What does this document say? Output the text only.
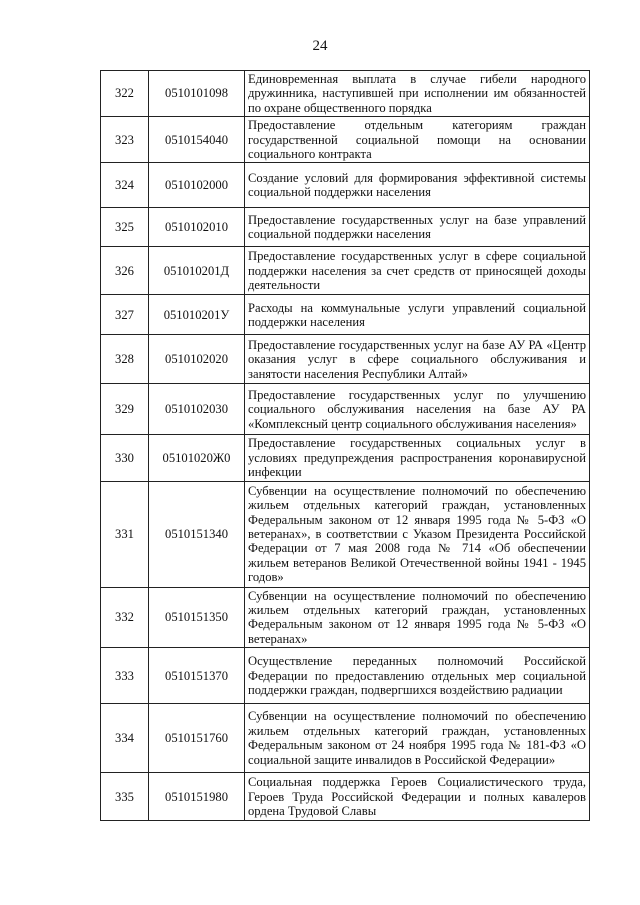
24
322	0510101098	Единовременная выплата в случае гибели народного дружинника, наступившей при исполнении им обязанностей по охране общественного порядка
323	0510154040	Предоставление отдельным категориям граждан государственной социальной помощи на основании социального контракта
324	0510102000	Создание условий для формирования эффективной системы социальной поддержки населения
325	0510102010	Предоставление государственных услуг на базе управлений социальной поддержки населения
326	051010201Д	Предоставление государственных услуг в сфере социальной поддержки населения за счет средств от приносящей доходы деятельности
327	051010201У	Расходы на коммунальные услуги управлений социальной поддержки населения
328	0510102020	Предоставление государственных услуг на базе АУ РА «Центр оказания услуг в сфере социального обслуживания и занятости населения Республики Алтай»
329	0510102030	Предоставление государственных услуг по улучшению социального обслуживания населения на базе АУ РА «Комплексный центр социального обслуживания населения»
330	05101020Ж0	Предоставление государственных социальных услуг в условиях предупреждения распространения коронавирусной инфекции
331	0510151340	Субвенции на осуществление полномочий по обеспечению жильем отдельных категорий граждан, установленных Федеральным законом от 12 января 1995 года № 5-ФЗ «О ветеранах», в соответствии с Указом Президента Российской Федерации от 7 мая 2008 года № 714 «Об обеспечении жильем ветеранов Великой Отечественной войны 1941 - 1945 годов»
332	0510151350	Субвенции на осуществление полномочий по обеспечению жильем отдельных категорий граждан, установленных Федеральным законом от 12 января 1995 года № 5-ФЗ «О ветеранах»
333	0510151370	Осуществление переданных полномочий Российской Федерации по предоставлению отдельных мер социальной поддержки граждан, подвергшихся воздействию радиации
334	0510151760	Субвенции на осуществление полномочий по обеспечению жильем отдельных категорий граждан, установленных Федеральным законом от 24 ноября 1995 года № 181-ФЗ «О социальной защите инвалидов в Российской Федерации»
335	0510151980	Социальная поддержка Героев Социалистического труда, Героев Труда Российской Федерации и полных кавалеров ордена Трудовой Славы
